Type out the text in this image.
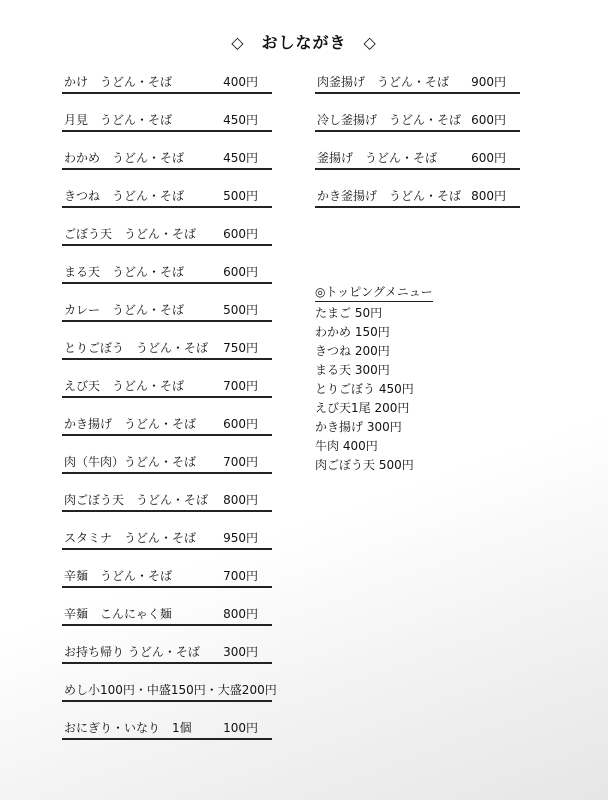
◇　おしながき　◇
かけ　うどん・そば	400円
月見　うどん・そば	450円
わかめ　うどん・そば	450円
きつね　うどん・そば	500円
ごぼう天　うどん・そば 600円
まる天　うどん・そば	600円
カレー　うどん・そば	500円
とりごぼう　うどん・そば 750円
えび天　うどん・そば	700円
かき揚げ　うどん・そば 600円
肉（牛肉）うどん・そば 700円
肉ごぼう天　うどん・そば 800円
スタミナ　うどん・そば 950円
辛麺　うどん・そば	700円
辛麺　こんにゃく麺	800円
お持ち帰り うどん・そば 300円
めし小100円・中盛150円・大盛200円
おにぎり・いなり　1個	100円
肉釜揚げ　うどん・そば 900円
冷し釜揚げ　うどん・そば 600円
釜揚げ　うどん・そば	600円
かき釜揚げ　うどん・そば 800円
◎トッピングメニュー
たまご 50円
わかめ 150円
きつね 200円
まる天 300円
とりごぼう 450円
えび天1尾 200円
かき揚げ 300円
牛肉 400円
肉ごぼう天 500円
